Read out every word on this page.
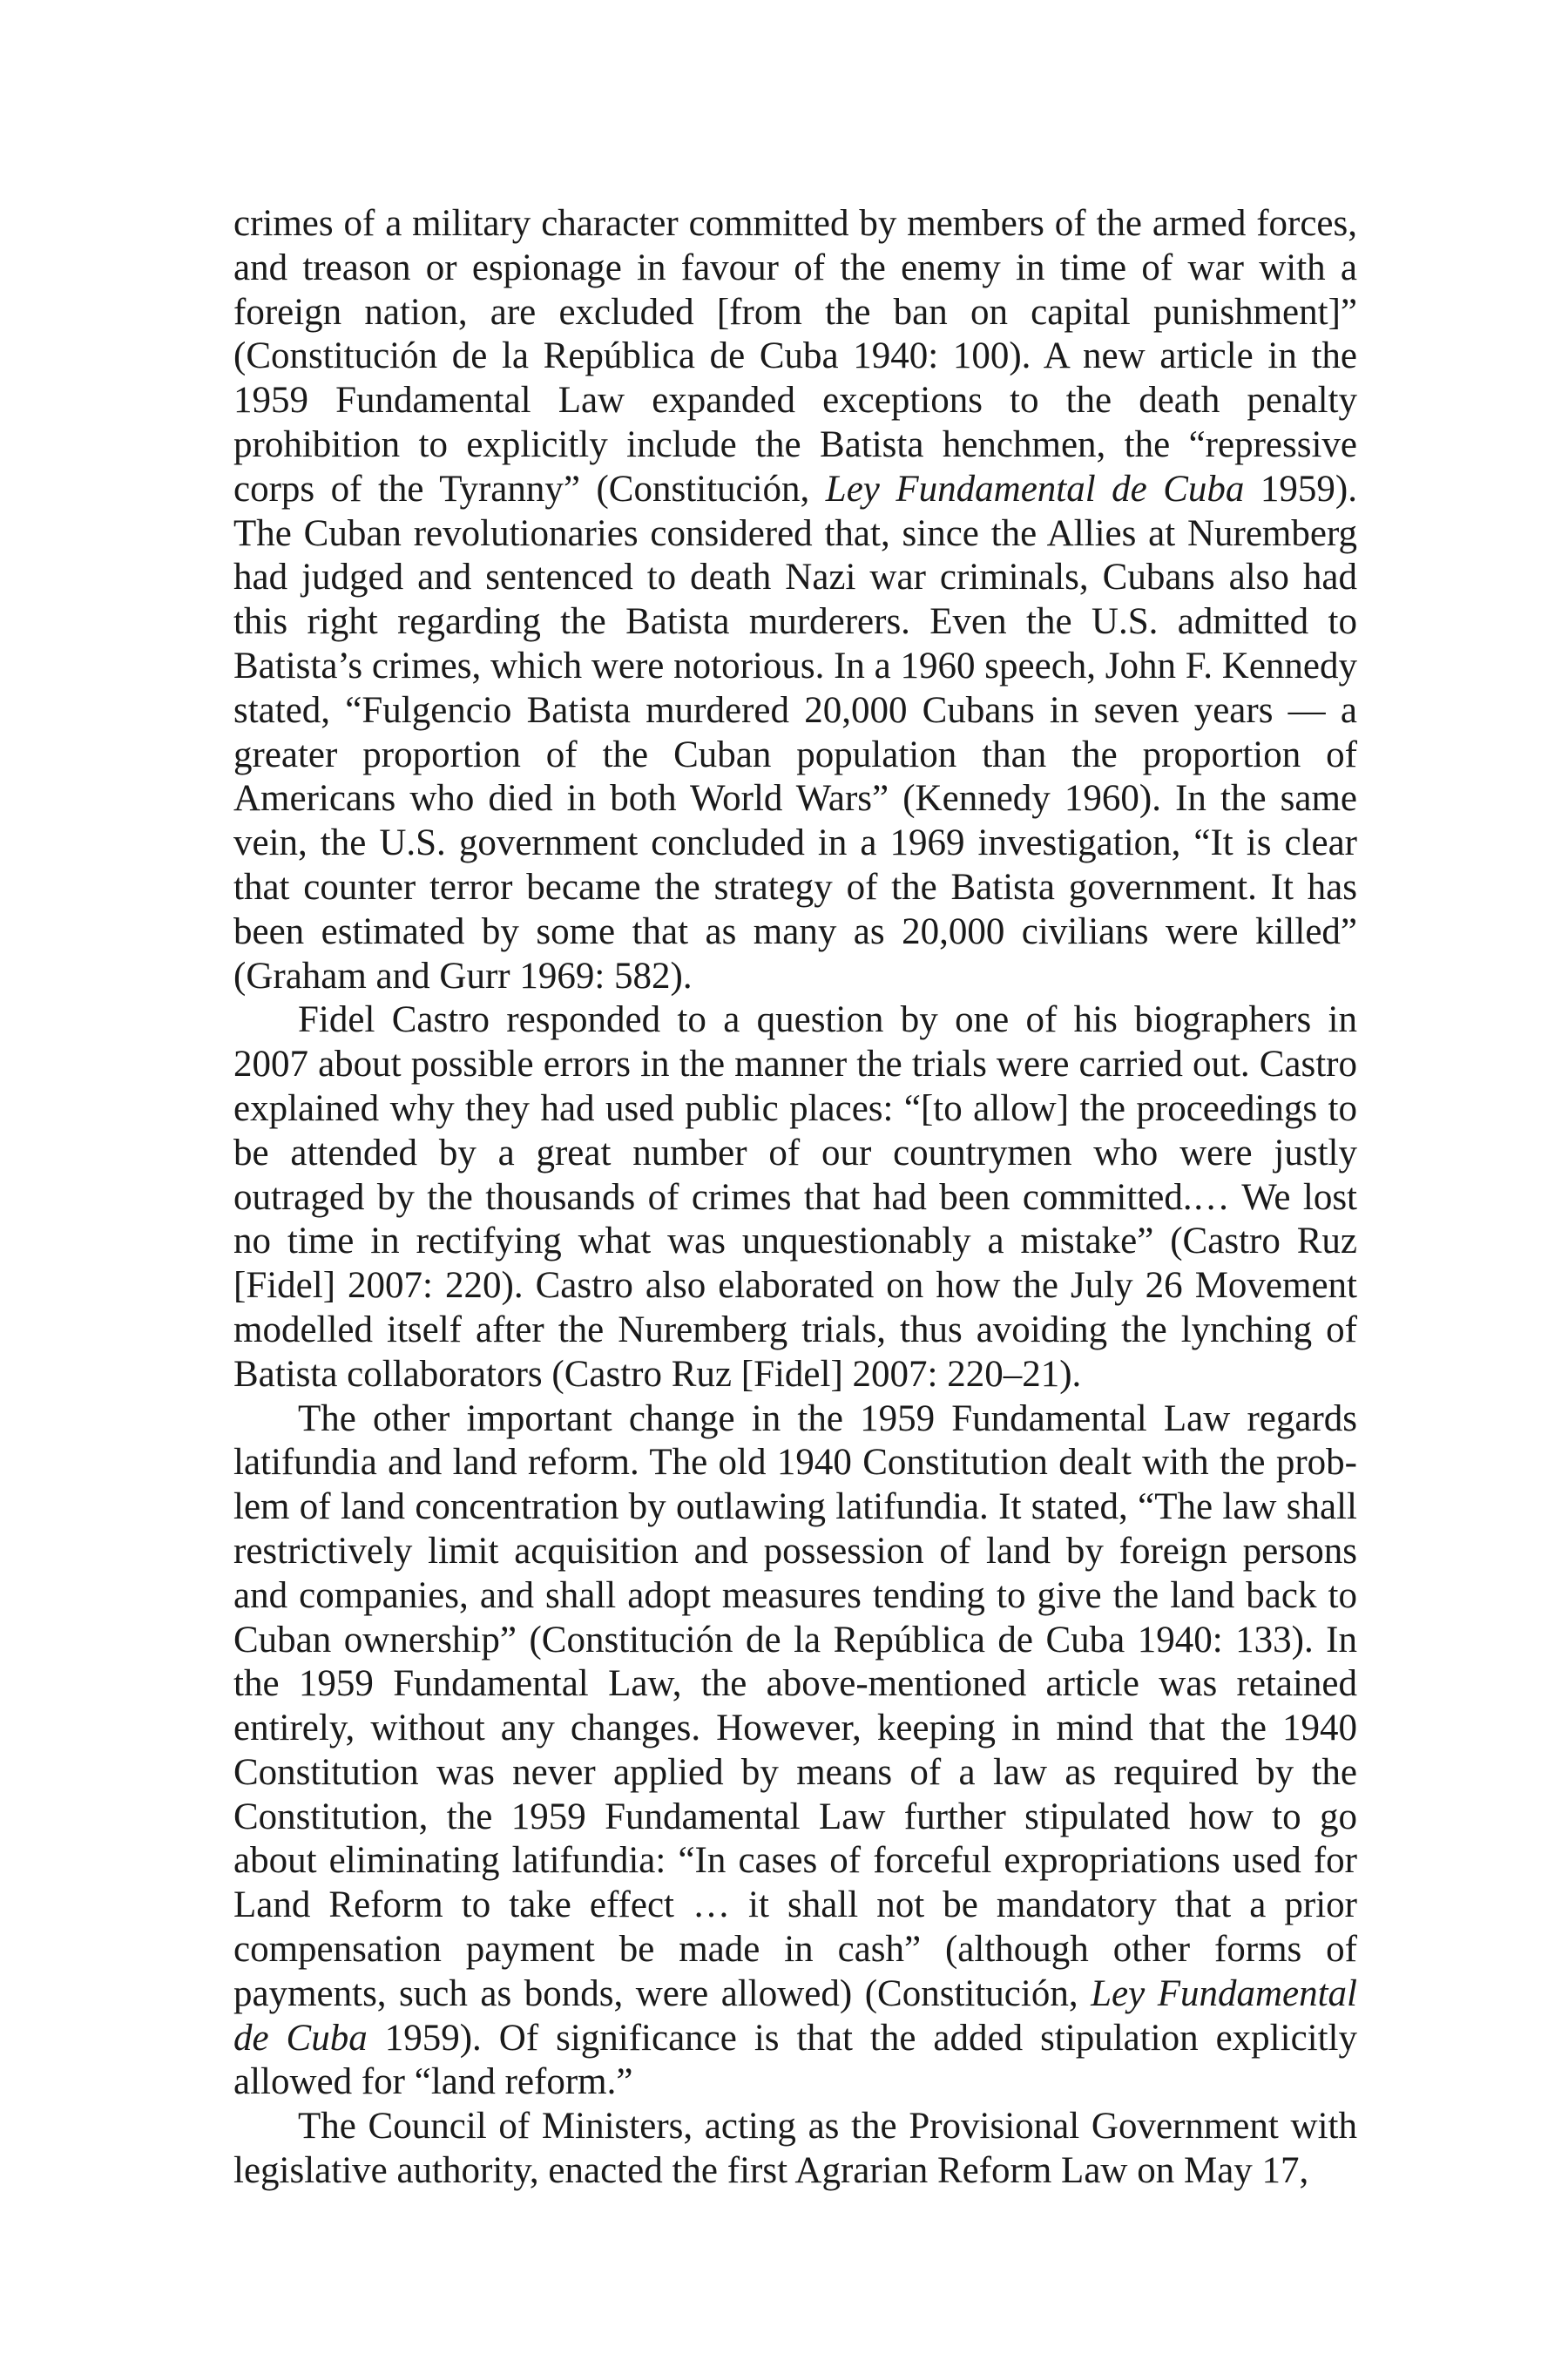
crimes of a military character committed by members of the armed forces, and treason or espionage in favour of the enemy in time of war with a foreign nation, are excluded [from the ban on capital punishment]” (Constitución de la República de Cuba 1940: 100). A new article in the 1959 Fundamental Law expanded exceptions to the death penalty prohibition to explicitly include the Batista henchmen, the “repressive corps of the Tyranny” (Constitución, Ley Fundamental de Cuba 1959). The Cuban revolutionaries considered that, since the Allies at Nuremberg had judged and sentenced to death Nazi war criminals, Cubans also had this right regarding the Batista murderers. Even the U.S. admitted to Batista’s crimes, which were notorious. In a 1960 speech, John F. Kennedy stated, “Fulgencio Batista murdered 20,000 Cubans in seven years — a greater proportion of the Cuban population than the proportion of Americans who died in both World Wars” (Kennedy 1960). In the same vein, the U.S. government concluded in a 1969 investigation, “It is clear that counter terror became the strategy of the Batista government. It has been estimated by some that as many as 20,000 civilians were killed” (Graham and Gurr 1969: 582).

Fidel Castro responded to a question by one of his biographers in 2007 about possible errors in the manner the trials were carried out. Castro explained why they had used public places: “[to allow] the proceedings to be attended by a great number of our countrymen who were justly outraged by the thousands of crimes that had been committed.… We lost no time in rectifying what was unquestionably a mistake” (Castro Ruz [Fidel] 2007: 220). Castro also elaborated on how the July 26 Movement modelled itself after the Nuremberg trials, thus avoiding the lynching of Batista collaborators (Castro Ruz [Fidel] 2007: 220–21).

The other important change in the 1959 Fundamental Law regards latifundia and land reform. The old 1940 Constitution dealt with the problem of land concentration by outlawing latifundia. It stated, “The law shall restrictively limit acquisition and possession of land by foreign persons and companies, and shall adopt measures tending to give the land back to Cuban ownership” (Constitución de la República de Cuba 1940: 133). In the 1959 Fundamental Law, the above-mentioned article was retained entirely, without any changes. However, keeping in mind that the 1940 Constitution was never applied by means of a law as required by the Constitution, the 1959 Fundamental Law further stipulated how to go about eliminating latifundia: “In cases of forceful expropriations used for Land Reform to take effect … it shall not be mandatory that a prior compensation payment be made in cash” (although other forms of payments, such as bonds, were allowed) (Constitución, Ley Fundamental de Cuba 1959). Of significance is that the added stipulation explicitly allowed for “land reform.”

The Council of Ministers, acting as the Provisional Government with legislative authority, enacted the first Agrarian Reform Law on May 17,
